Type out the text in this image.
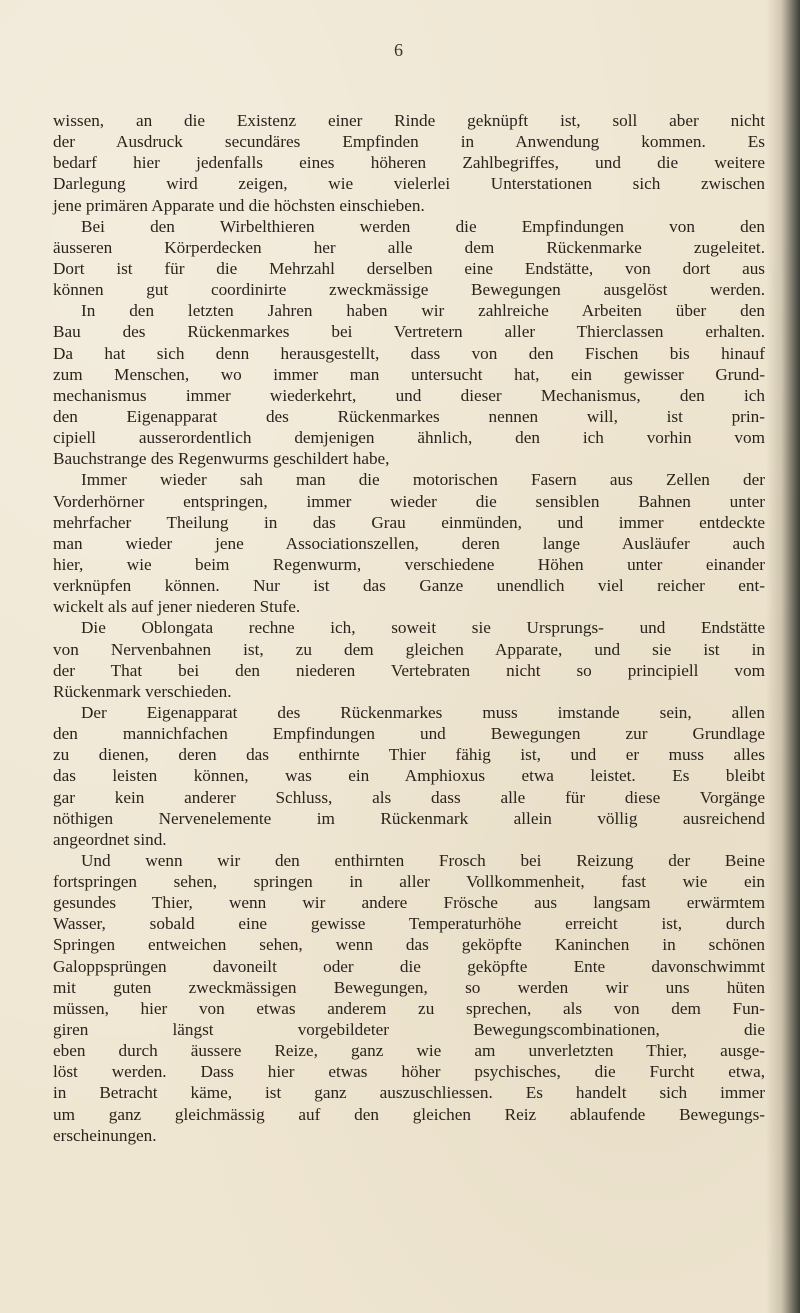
6
wissen, an die Existenz einer Rinde geknüpft ist, soll aber nicht
der Ausdruck secundäres Empfinden in Anwendung kommen. Es
bedarf hier jedenfalls eines höheren Zahlbegriffes, und die weitere
Darlegung wird zeigen, wie vielerlei Unterstationen sich zwischen
jene primären Apparate und die höchsten einschieben.
Bei den Wirbelthieren werden die Empfindungen von den
äusseren Körperdecken her alle dem Rückenmarke zugeleitet.
Dort ist für die Mehrzahl derselben eine Endstätte, von dort aus
können gut coordinirte zweckmässige Bewegungen ausgelöst werden.
In den letzten Jahren haben wir zahlreiche Arbeiten über den
Bau des Rückenmarkes bei Vertretern aller Thierclassen erhalten.
Da hat sich denn herausgestellt, dass von den Fischen bis hinauf
zum Menschen, wo immer man untersucht hat, ein gewisser Grund-
mechanismus immer wiederkehrt, und dieser Mechanismus, den ich
den Eigenapparat des Rückenmarkes nennen will, ist prin-
cipiell ausserordentlich demjenigen ähnlich, den ich vorhin vom
Bauchstrange des Regenwurms geschildert habe,
Immer wieder sah man die motorischen Fasern aus Zellen der
Vorderhörner entspringen, immer wieder die sensiblen Bahnen unter
mehrfacher Theilung in das Grau einmünden, und immer entdeckte
man wieder jene Associationszellen, deren lange Ausläufer auch
hier, wie beim Regenwurm, verschiedene Höhen unter einander
verknüpfen können. Nur ist das Ganze unendlich viel reicher ent-
wickelt als auf jener niederen Stufe.
Die Oblongata rechne ich, soweit sie Ursprungs- und Endstätte
von Nervenbahnen ist, zu dem gleichen Apparate, und sie ist in
der That bei den niederen Vertebraten nicht so principiell vom
Rückenmark verschieden.
Der Eigenapparat des Rückenmarkes muss imstande sein, allen
den mannichfachen Empfindungen und Bewegungen zur Grundlage
zu dienen, deren das enthirnte Thier fähig ist, und er muss alles
das leisten können, was ein Amphioxus etwa leistet. Es bleibt
gar kein anderer Schluss, als dass alle für diese Vorgänge
nöthigen Nervenelemente im Rückenmark allein völlig ausreichend
angeordnet sind.
Und wenn wir den enthirnten Frosch bei Reizung der Beine
fortspringen sehen, springen in aller Vollkommenheit, fast wie ein
gesundes Thier, wenn wir andere Frösche aus langsam erwärmtem
Wasser, sobald eine gewisse Temperaturhöhe erreicht ist, durch
Springen entweichen sehen, wenn das geköpfte Kaninchen in schönen
Galoppsprüngen davoneilt oder die geköpfte Ente davonschwimmt
mit guten zweckmässigen Bewegungen, so werden wir uns hüten
müssen, hier von etwas anderem zu sprechen, als von dem Fun-
giren längst vorgebildeter Bewegungscombinationen, die
eben durch äussere Reize, ganz wie am unverletzten Thier, ausge-
löst werden. Dass hier etwas höher psychisches, die Furcht etwa,
in Betracht käme, ist ganz auszuschliessen. Es handelt sich immer
um ganz gleichmässig auf den gleichen Reiz ablaufende Bewegungs-
erscheinungen.
